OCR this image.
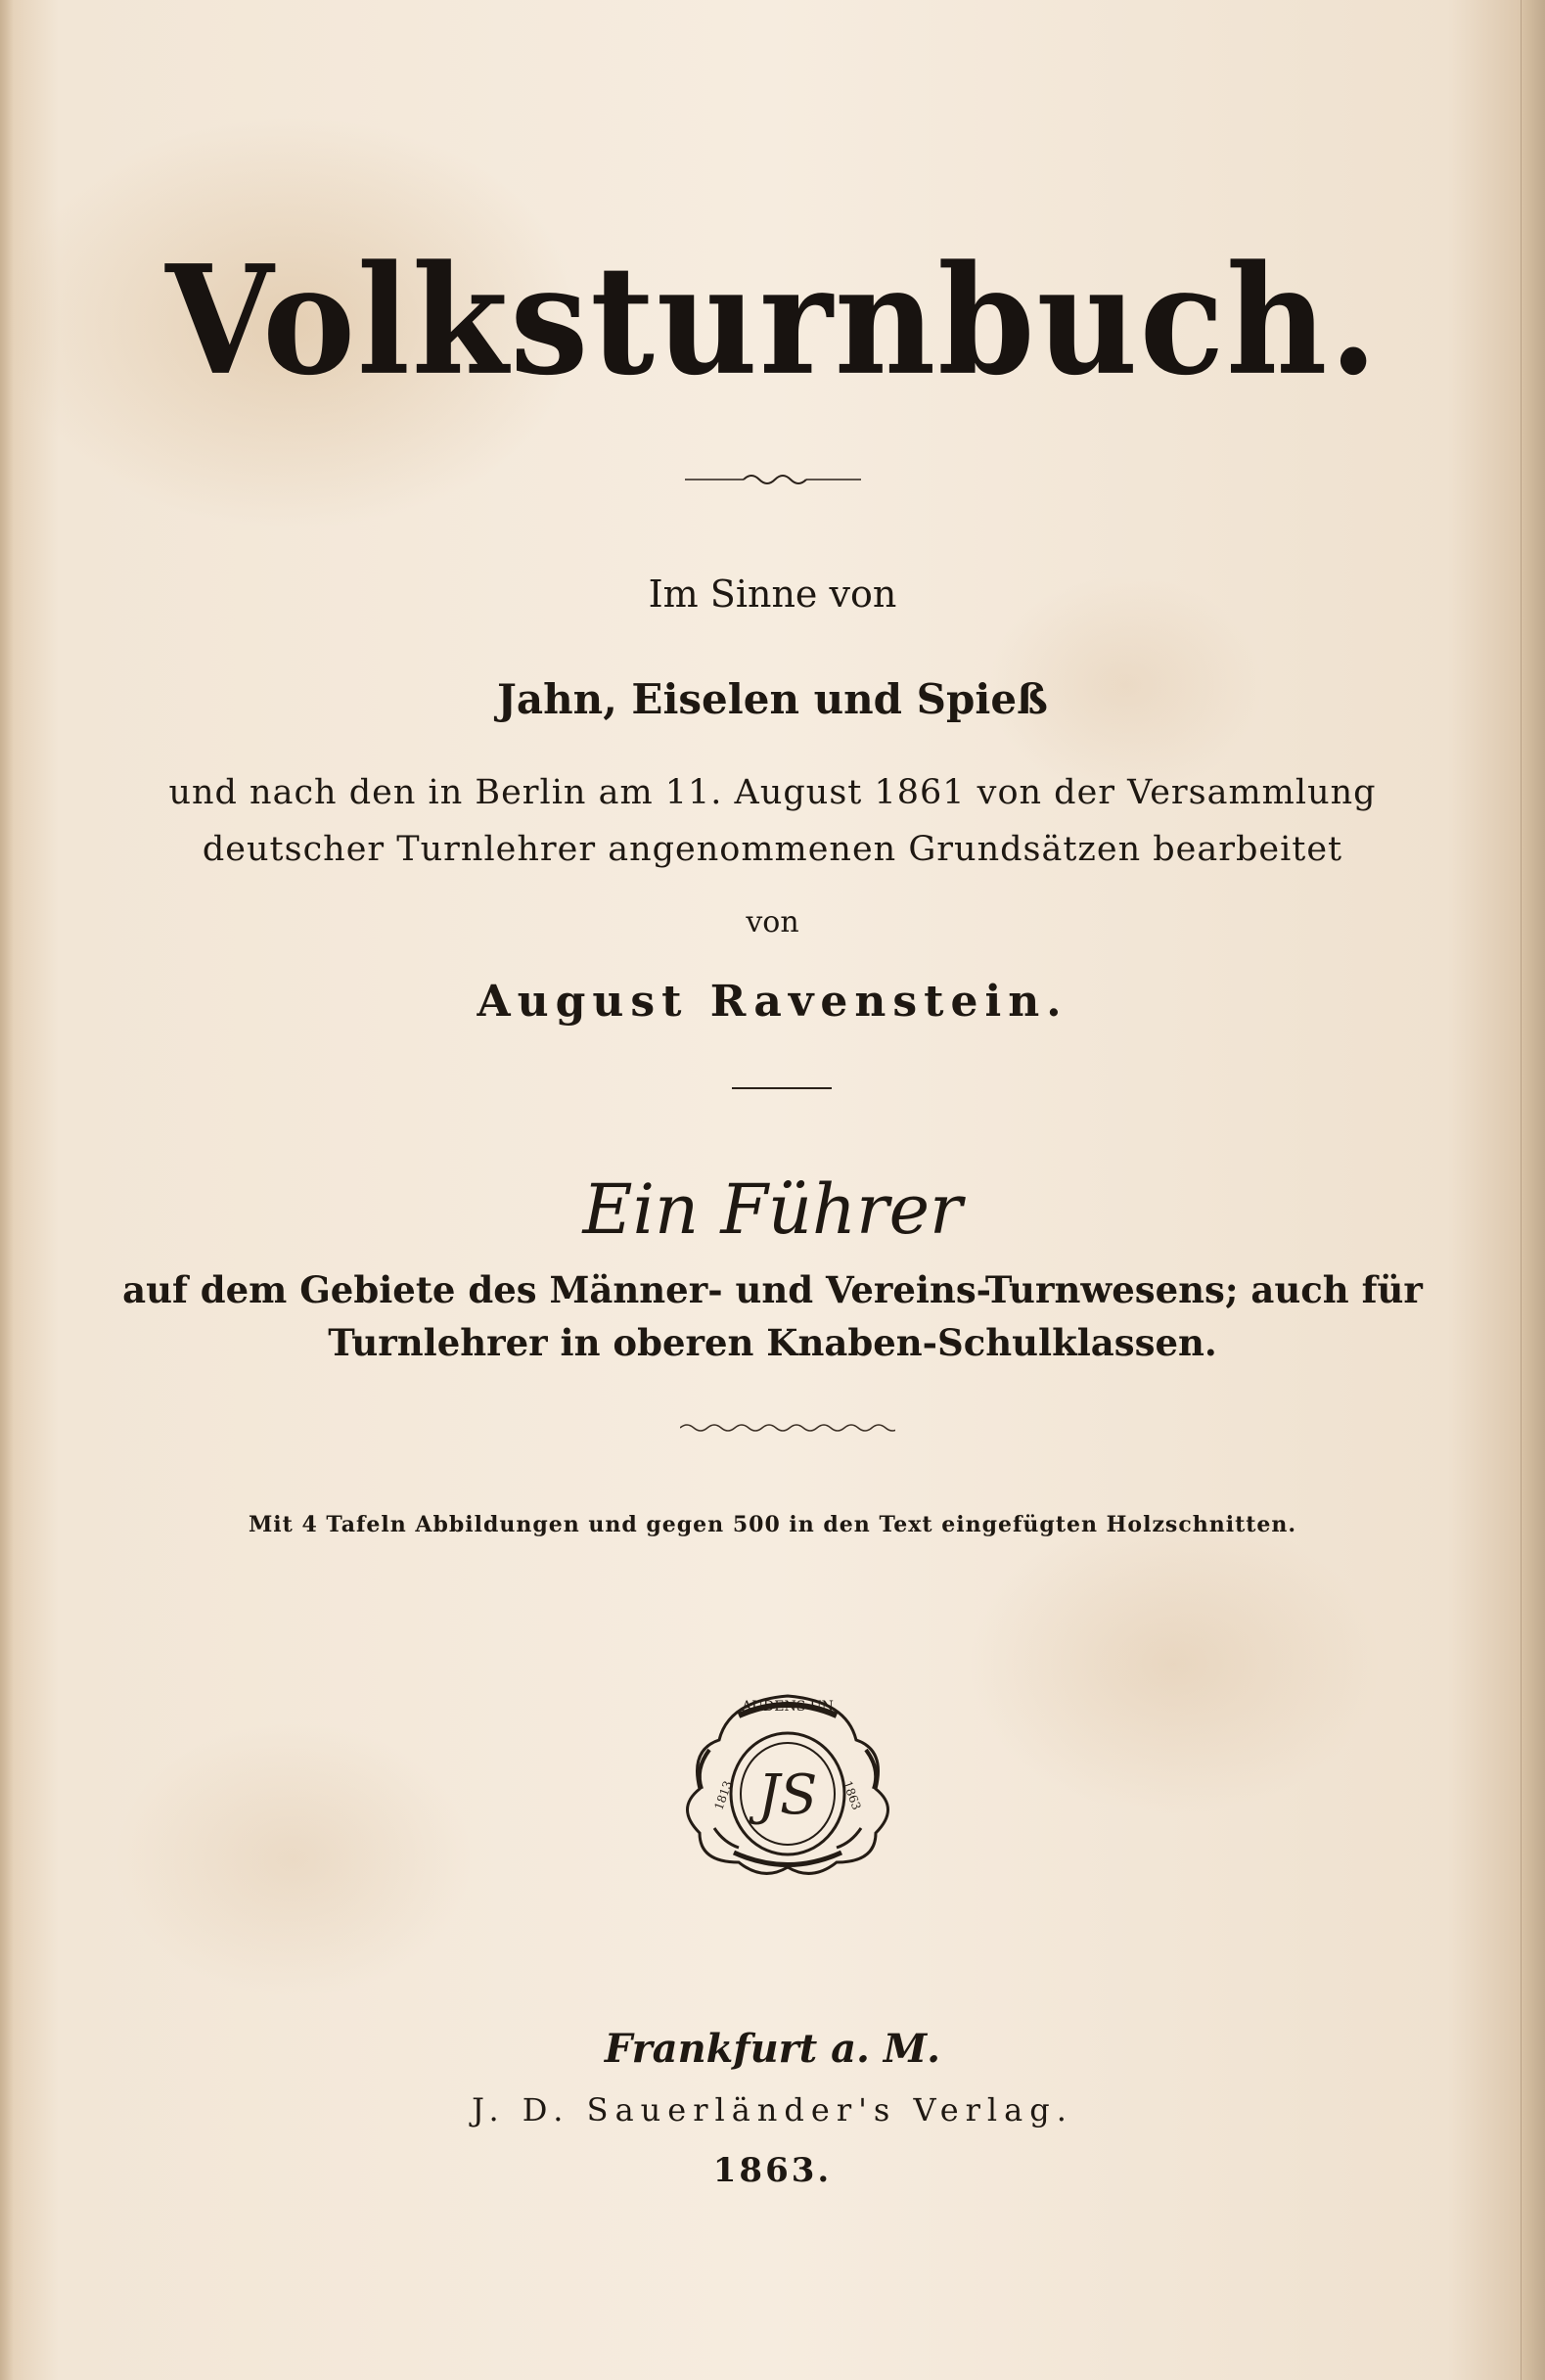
Volksturnbuch.
Im Sinne von
Jahn, Eiselen und Spieß
und nach den in Berlin am 11. August 1861 von der Versammlung
deutscher Turnlehrer angenommenen Grundsätzen bearbeitet
von
August Ravenstein.
Ein Führer
auf dem Gebiete des Männer- und Vereins-Turnwesens; auch für
Turnlehrer in oberen Knaben-Schulklassen.
Mit 4 Tafeln Abbildungen und gegen 500 in den Text eingefügten Holzschnitten.
AUDENS UN
1813	1863
JS
Frankfurt a. M.
J. D. Sauerländer's Verlag.
1863.
